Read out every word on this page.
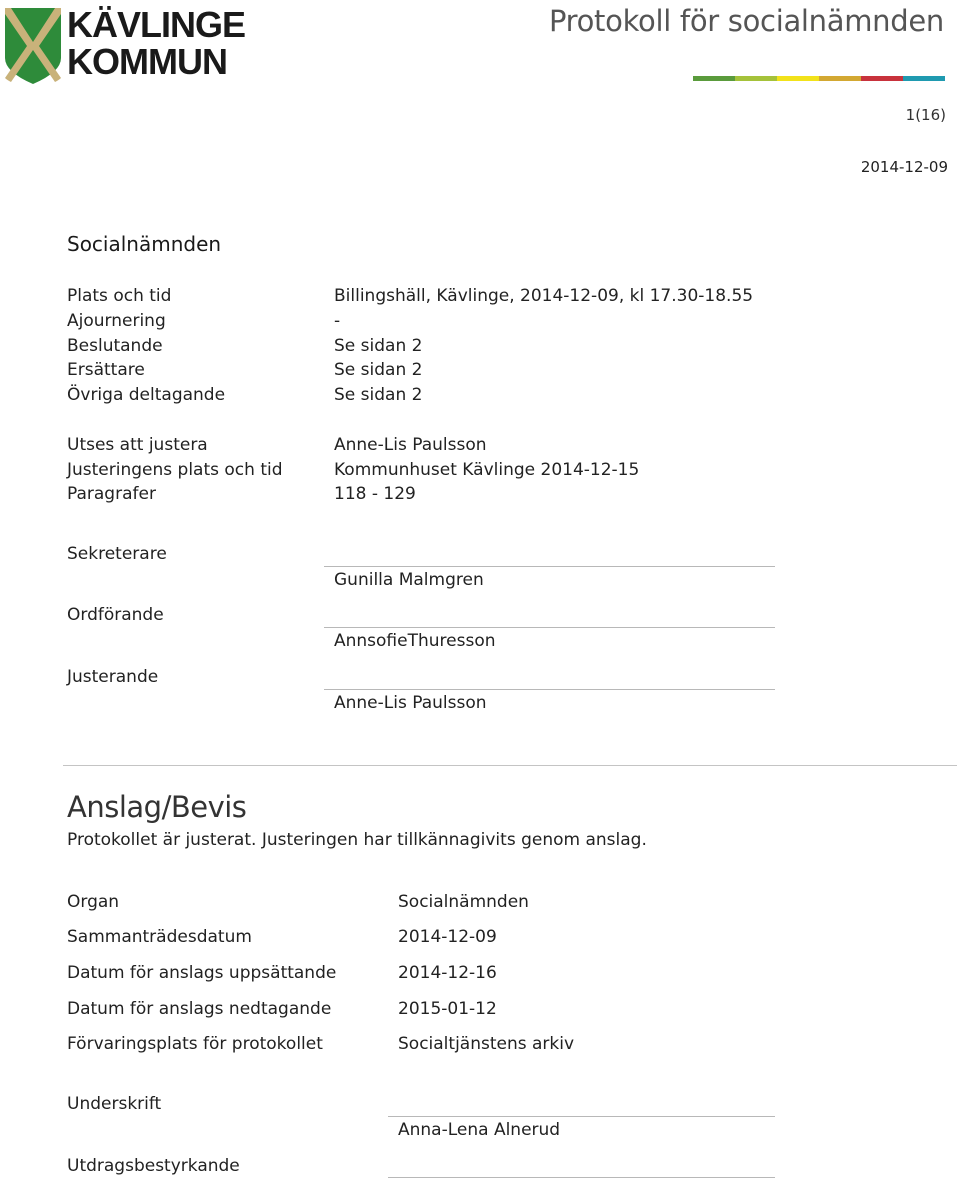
KÄVLINGE
KOMMUN
Protokoll för socialnämnden
1(16)
2014-12-09
Socialnämnden
Plats och tid	Billingshäll, Kävlinge, 2014-12-09, kl 17.30-18.55
Ajournering	-
Beslutande	Se sidan 2
Ersättare	Se sidan 2
Övriga deltagande	Se sidan 2
Utses att justera	Anne-Lis Paulsson
Justeringens plats och tid	Kommunhuset Kävlinge 2014-12-15
Paragrafer	118 - 129
Sekreterare
Gunilla Malmgren
Ordförande
AnnsofieThuresson
Justerande
Anne-Lis Paulsson
Anslag/Bevis
Protokollet är justerat. Justeringen har tillkännagivits genom anslag.
Organ	Socialnämnden
Sammanträdesdatum	2014-12-09
Datum för anslags uppsättande	2014-12-16
Datum för anslags nedtagande	2015-01-12
Förvaringsplats för protokollet	Socialtjänstens arkiv
Underskrift
Anna-Lena Alnerud
Utdragsbestyrkande
